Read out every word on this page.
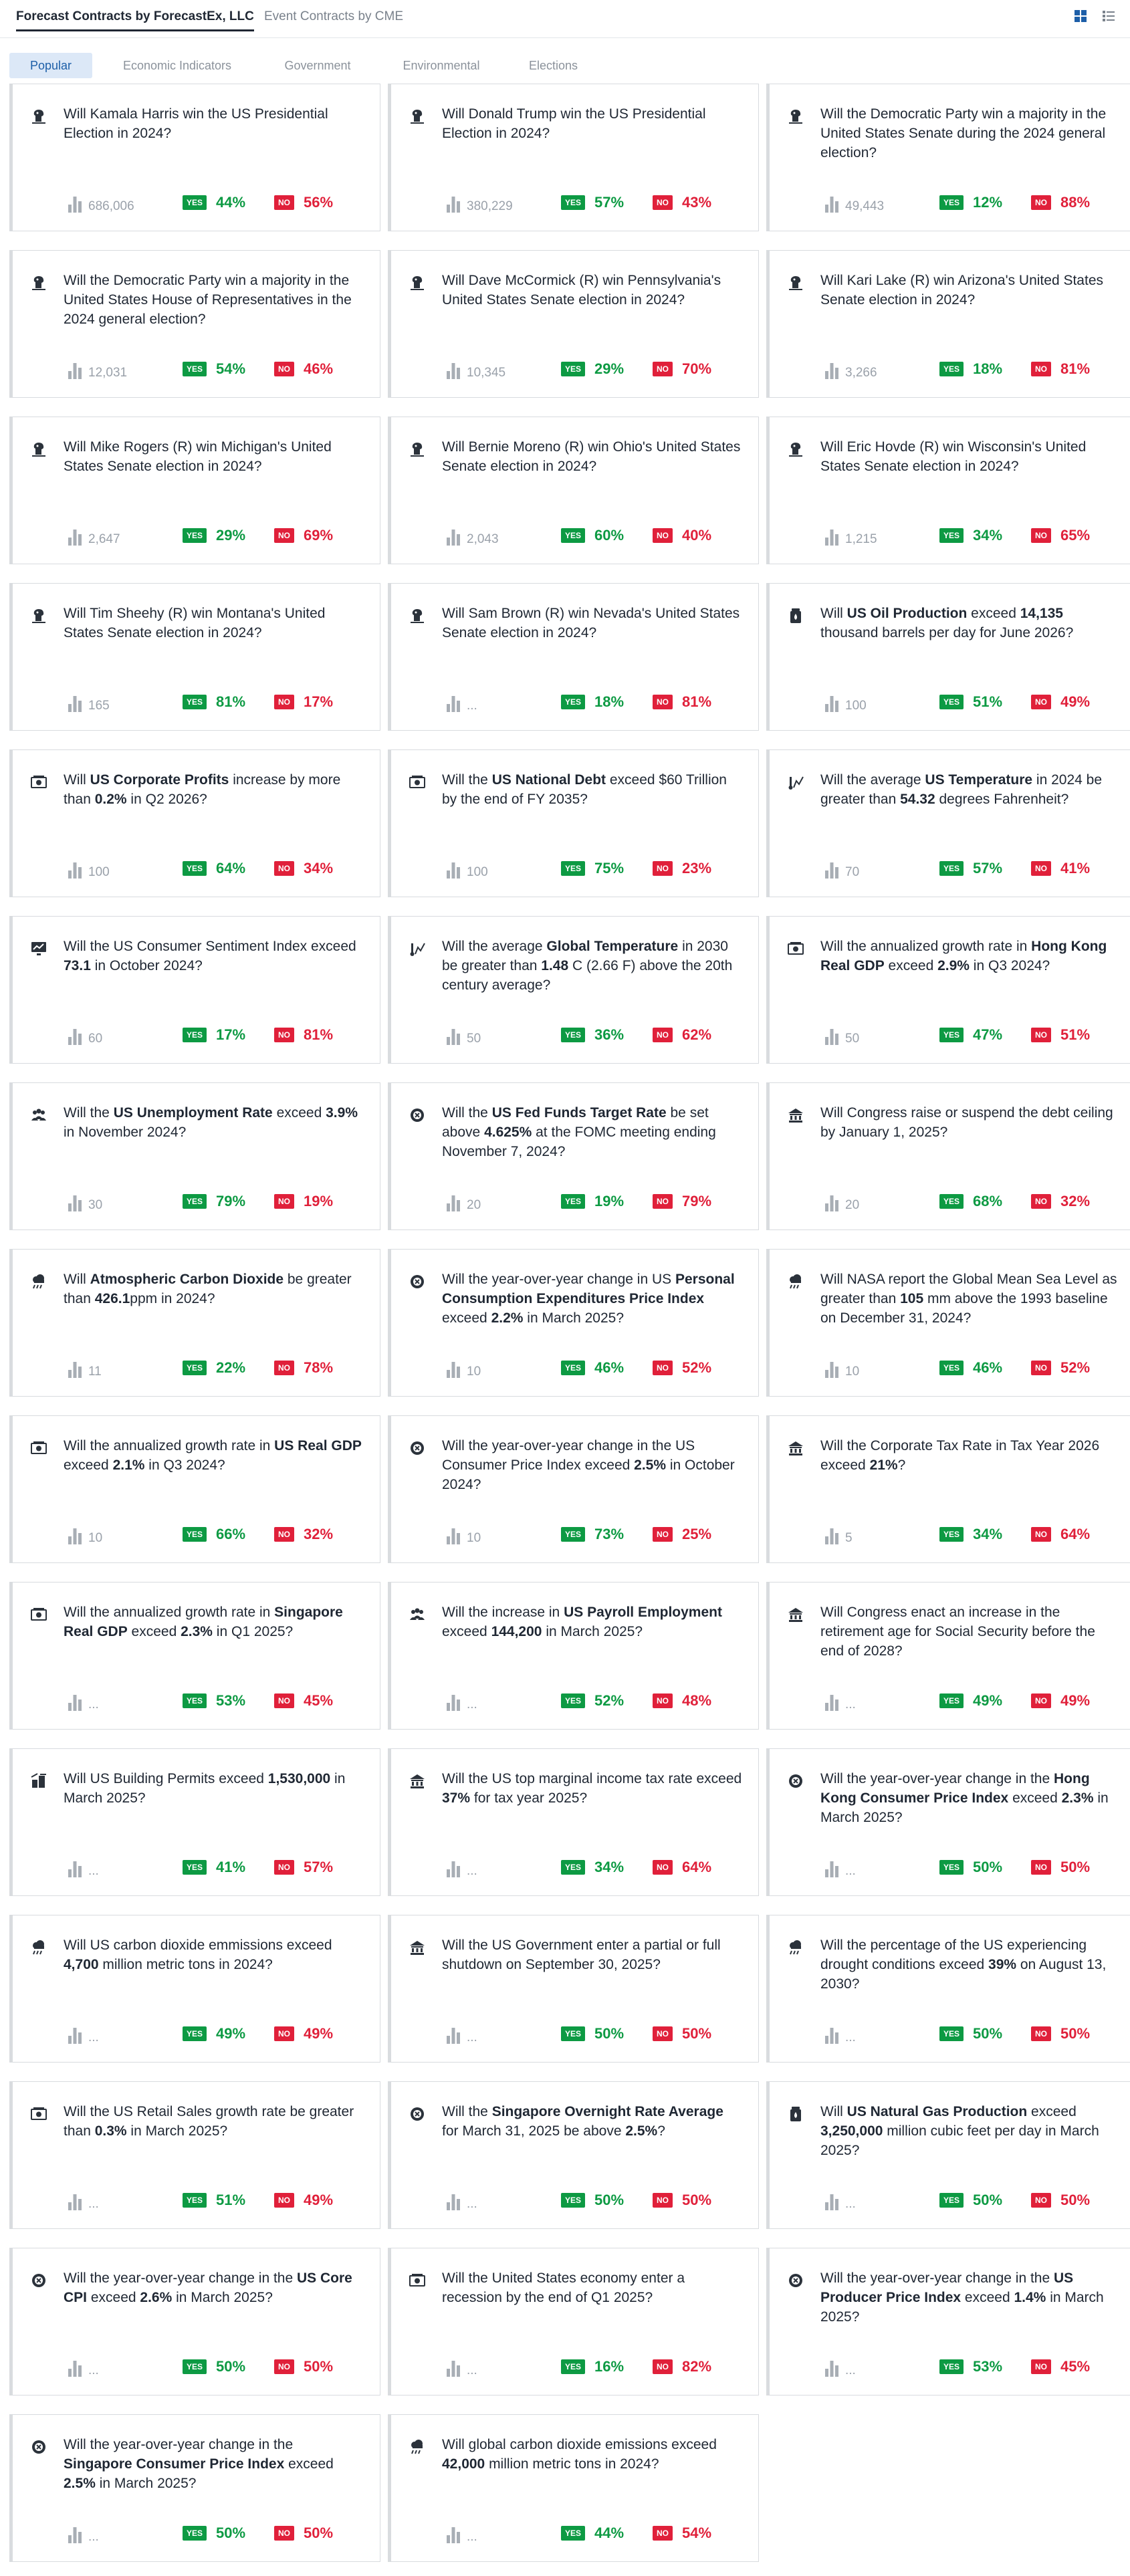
Forecast Contracts by ForecastEx, LLC Event Contracts by CME
Popular	Economic Indicators	Government	Environmental	Elections
Will Kamala Harris win the US Presidential Election in 2024?
686,006	YES 44%	NO 56%
Will Donald Trump win the US Presidential Election in 2024?
380,229	YES 57%	NO 43%
Will the Democratic Party win a majority in the United States Senate during the 2024 general election?
49,443	YES 12%	NO 88%
Will the Democratic Party win a majority in the United States House of Representatives in the 2024 general election?
12,031	YES 54%	NO 46%
Will Dave McCormick (R) win Pennsylvania's United States Senate election in 2024?
10,345	YES 29%	NO 70%
Will Kari Lake (R) win Arizona's United States Senate election in 2024?
3,266	YES 18%	NO 81%
Will Mike Rogers (R) win Michigan's United States Senate election in 2024?
2,647	YES 29%	NO 69%
Will Bernie Moreno (R) win Ohio's United States Senate election in 2024?
2,043	YES 60%	NO 40%
Will Eric Hovde (R) win Wisconsin's United States Senate election in 2024?
1,215	YES 34%	NO 65%
Will Tim Sheehy (R) win Montana's United States Senate election in 2024?
165	YES 81%	NO 17%
Will Sam Brown (R) win Nevada's United States Senate election in 2024?
...	YES 18%	NO 81%
Will US Oil Production exceed 14,135 thousand barrels per day for June 2026?
100	YES 51%	NO 49%
Will US Corporate Profits increase by more than 0.2% in Q2 2026?
100	YES 64%	NO 34%
Will the US National Debt exceed $60 Trillion by the end of FY 2035?
100	YES 75%	NO 23%
Will the average US Temperature in 2024 be greater than 54.32 degrees Fahrenheit?
70	YES 57%	NO 41%
Will the US Consumer Sentiment Index exceed 73.1 in October 2024?
60	YES 17%	NO 81%
Will the average Global Temperature in 2030 be greater than 1.48 C (2.66 F) above the 20th century average?
50	YES 36%	NO 62%
Will the annualized growth rate in Hong Kong Real GDP exceed 2.9% in Q3 2024?
50	YES 47%	NO 51%
Will the US Unemployment Rate exceed 3.9% in November 2024?
30	YES 79%	NO 19%
Will the US Fed Funds Target Rate be set above 4.625% at the FOMC meeting ending November 7, 2024?
20	YES 19%	NO 79%
Will Congress raise or suspend the debt ceiling by January 1, 2025?
20	YES 68%	NO 32%
Will Atmospheric Carbon Dioxide be greater than 426.1ppm in 2024?
11	YES 22%	NO 78%
Will the year-over-year change in US Personal Consumption Expenditures Price Index exceed 2.2% in March 2025?
10	YES 46%	NO 52%
Will NASA report the Global Mean Sea Level as greater than 105 mm above the 1993 baseline on December 31, 2024?
10	YES 46%	NO 52%
Will the annualized growth rate in US Real GDP exceed 2.1% in Q3 2024?
10	YES 66%	NO 32%
Will the year-over-year change in the US Consumer Price Index exceed 2.5% in October 2024?
10	YES 73%	NO 25%
Will the Corporate Tax Rate in Tax Year 2026 exceed 21%?
5	YES 34%	NO 64%
Will the annualized growth rate in Singapore Real GDP exceed 2.3% in Q1 2025?
...	YES 53%	NO 45%
Will the increase in US Payroll Employment exceed 144,200 in March 2025?
...	YES 52%	NO 48%
Will Congress enact an increase in the retirement age for Social Security before the end of 2028?
...	YES 49%	NO 49%
Will US Building Permits exceed 1,530,000 in March 2025?
...	YES 41%	NO 57%
Will the US top marginal income tax rate exceed 37% for tax year 2025?
...	YES 34%	NO 64%
Will the year-over-year change in the Hong Kong Consumer Price Index exceed 2.3% in March 2025?
...	YES 50%	NO 50%
Will US carbon dioxide emmissions exceed 4,700 million metric tons in 2024?
...	YES 49%	NO 49%
Will the US Government enter a partial or full shutdown on September 30, 2025?
...	YES 50%	NO 50%
Will the percentage of the US experiencing drought conditions exceed 39% on August 13, 2030?
...	YES 50%	NO 50%
Will the US Retail Sales growth rate be greater than 0.3% in March 2025?
...	YES 51%	NO 49%
Will the Singapore Overnight Rate Average for March 31, 2025 be above 2.5%?
...	YES 50%	NO 50%
Will US Natural Gas Production exceed 3,250,000 million cubic feet per day in March 2025?
...	YES 50%	NO 50%
Will the year-over-year change in the US Core CPI exceed 2.6% in March 2025?
...	YES 50%	NO 50%
Will the United States economy enter a recession by the end of Q1 2025?
...	YES 16%	NO 82%
Will the year-over-year change in the US Producer Price Index exceed 1.4% in March 2025?
...	YES 53%	NO 45%
Will the year-over-year change in the Singapore Consumer Price Index exceed 2.5% in March 2025?
...	YES 50%	NO 50%
Will global carbon dioxide emissions exceed 42,000 million metric tons in 2024?
...	YES 44%	NO 54%
